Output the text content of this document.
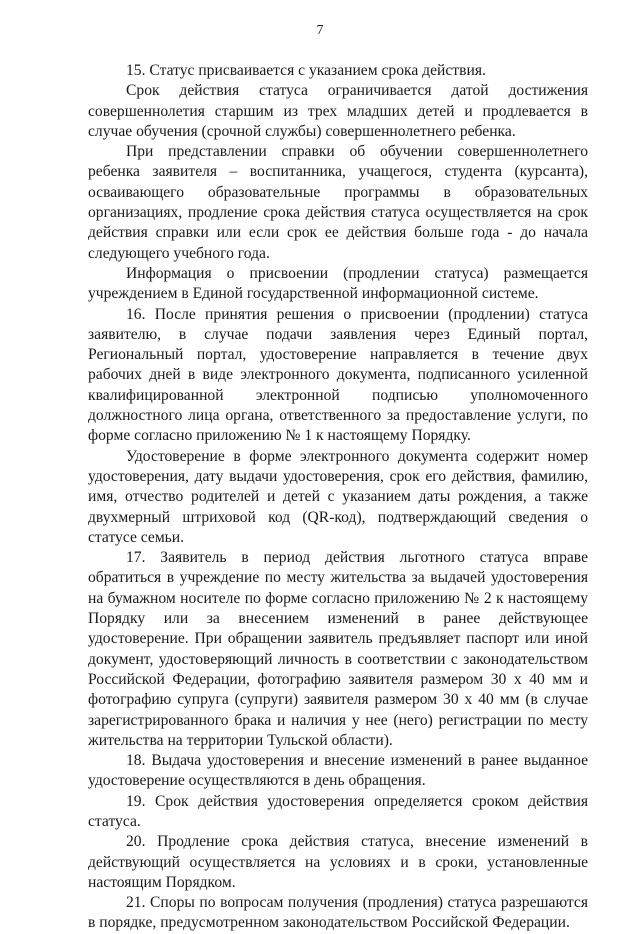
7

15. Статус присваивается с указанием срока действия.

Срок действия статуса ограничивается датой достижения совершеннолетия старшим из трех младших детей и продлевается в случае обучения (срочной службы) совершеннолетнего ребенка.

При представлении справки об обучении совершеннолетнего ребенка заявителя – воспитанника, учащегося, студента (курсанта), осваивающего образовательные программы в образовательных организациях, продление срока действия статуса осуществляется на срок действия справки или если срок ее действия больше года - до начала следующего учебного года.

Информация о присвоении (продлении статуса) размещается учреждением в Единой государственной информационной системе.

16. После принятия решения о присвоении (продлении) статуса заявителю, в случае подачи заявления через Единый портал, Региональный портал, удостоверение направляется в течение двух рабочих дней в виде электронного документа, подписанного усиленной квалифицированной электронной подписью уполномоченного должностного лица органа, ответственного за предоставление услуги, по форме согласно приложению № 1 к настоящему Порядку.

Удостоверение в форме электронного документа содержит номер удостоверения, дату выдачи удостоверения, срок его действия, фамилию, имя, отчество родителей и детей с указанием даты рождения, а также двухмерный штриховой код (QR-код), подтверждающий сведения о статусе семьи.

17. Заявитель в период действия льготного статуса вправе обратиться в учреждение по месту жительства за выдачей удостоверения на бумажном носителе по форме согласно приложению № 2 к настоящему Порядку или за внесением изменений в ранее действующее удостоверение. При обращении заявитель предъявляет паспорт или иной документ, удостоверяющий личность в соответствии с законодательством Российской Федерации, фотографию заявителя размером 30 x 40 мм и фотографию супруга (супруги) заявителя размером 30 x 40 мм (в случае зарегистрированного брака и наличия у нее (него) регистрации по месту жительства на территории Тульской области).

18. Выдача удостоверения и внесение изменений в ранее выданное удостоверение осуществляются в день обращения.

19. Срок действия удостоверения определяется сроком действия статуса.

20. Продление срока действия статуса, внесение изменений в действующий осуществляется на условиях и в сроки, установленные настоящим Порядком.

21. Споры по вопросам получения (продления) статуса разрешаются в порядке, предусмотренном законодательством Российской Федерации.
